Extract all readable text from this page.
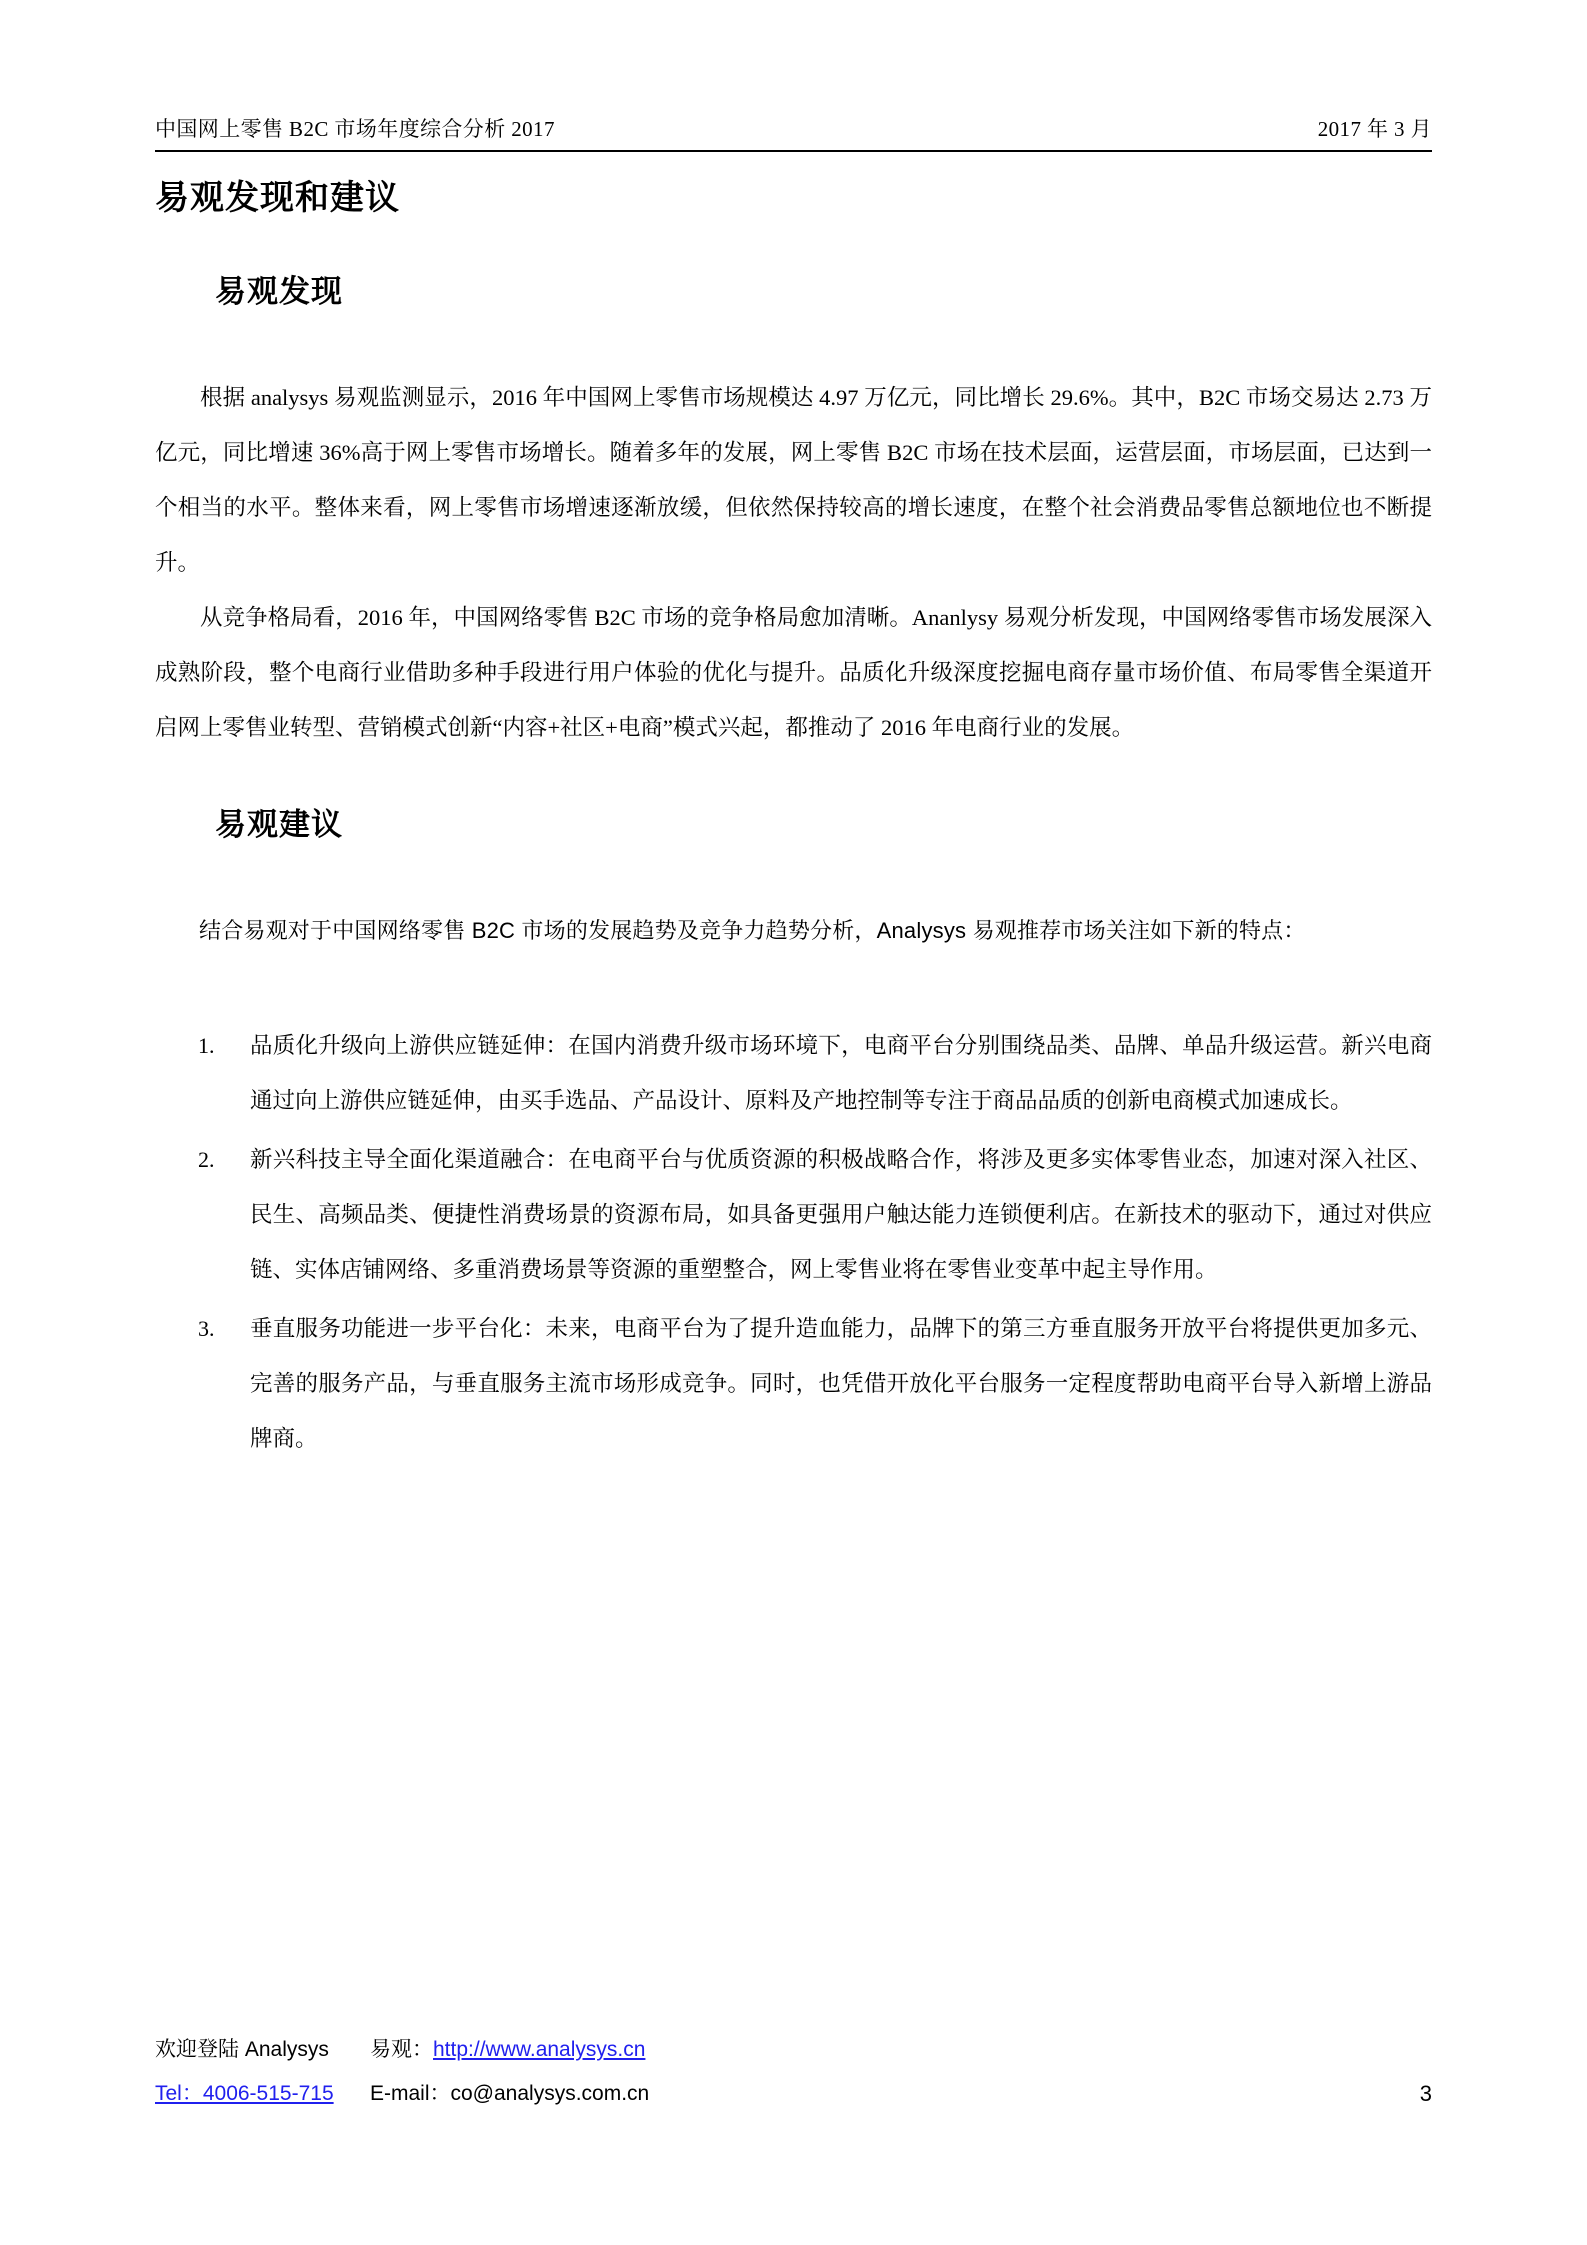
中国网上零售 B2C 市场年度综合分析 2017	2017 年 3 月
易观发现和建议
易观发现

根据 analysys 易观监测显示，2016 年中国网上零售市场规模达 4.97 万亿元，同比增长 29.6%。其中，B2C 市场交易达 2.73 万亿元，同比增速 36%高于网上零售市场增长。随着多年的发展，网上零售 B2C 市场在技术层面，运营层面，市场层面，已达到一个相当的水平。整体来看，网上零售市场增速逐渐放缓，但依然保持较高的增长速度，在整个社会消费品零售总额地位也不断提升。

从竞争格局看，2016 年，中国网络零售 B2C 市场的竞争格局愈加清晰。Ananlysy 易观分析发现，中国网络零售市场发展深入成熟阶段，整个电商行业借助多种手段进行用户体验的优化与提升。品质化升级深度挖掘电商存量市场价值、布局零售全渠道开启网上零售业转型、营销模式创新“内容+社区+电商”模式兴起，都推动了 2016 年电商行业的发展。

易观建议

结合易观对于中国网络零售 B2C 市场的发展趋势及竞争力趋势分析，Analysys 易观推荐市场关注如下新的特点：

1.	品质化升级向上游供应链延伸：在国内消费升级市场环境下，电商平台分别围绕品类、品牌、单品升级运营。新兴电商通过向上游供应链延伸，由买手选品、产品设计、原料及产地控制等专注于商品品质的创新电商模式加速成长。
2.	新兴科技主导全面化渠道融合：在电商平台与优质资源的积极战略合作，将涉及更多实体零售业态，加速对深入社区、民生、高频品类、便捷性消费场景的资源布局，如具备更强用户触达能力连锁便利店。在新技术的驱动下，通过对供应链、实体店铺网络、多重消费场景等资源的重塑整合，网上零售业将在零售业变革中起主导作用。
3.	垂直服务功能进一步平台化：未来，电商平台为了提升造血能力，品牌下的第三方垂直服务开放平台将提供更加多元、完善的服务产品，与垂直服务主流市场形成竞争。同时，也凭借开放化平台服务一定程度帮助电商平台导入新增上游品牌商。
欢迎登陆 Analysys	易观：http://www.analysys.cn
Tel：4006-515-715	E-mail：co@analysys.com.cn	3
